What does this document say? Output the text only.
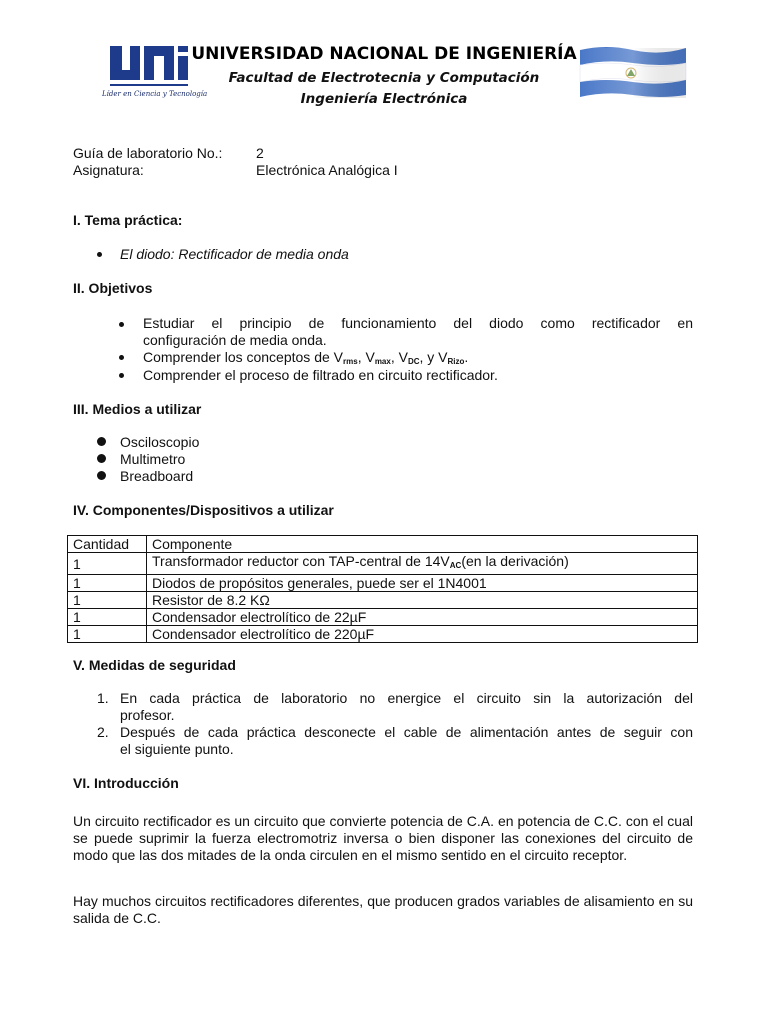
Líder en Ciencia y Tecnología
UNIVERSIDAD NACIONAL DE INGENIERÍA
Facultad de Electrotecnia y Computación
Ingeniería Electrónica
Guía de laboratorio No.: 2
Asignatura:	Electrónica Analógica I
I. Tema práctica:
El diodo: Rectificador de media onda
II. Objetivos
Estudiar el principio de funcionamiento del diodo como rectificador en
configuración de media onda.
Comprender los conceptos de $V_{rms}$, $V_{max}$, $V_{DC}$, y $V_{Rizo}$.
Comprender el proceso de filtrado en circuito rectificador.
III. Medios a utilizar
Osciloscopio
Multimetro
Breadboard
IV. Componentes/Dispositivos a utilizar
Cantidad	Componente
1	Transformador reductor con TAP-central de $14V_{AC}(en$ la derivación)
1	Diodos de propósitos generales, puede ser el 1N4001
1	Resistor de 8.2 KΩ
1	Condensador electrolítico de 22µF
1	Condensador electrolítico de 220µF
V. Medidas de seguridad
1. En cada práctica de laboratorio no energice el circuito sin la autorización del
profesor.
2. Después de cada práctica desconecte el cable de alimentación antes de seguir con
el siguiente punto.
VI. Introducción
Un circuito rectificador es un circuito que convierte potencia de C.A. en potencia de C.C. con el cual se puede suprimir la fuerza electromotriz inversa o bien disponer las conexiones del circuito de modo que las dos mitades de la onda circulen en el mismo sentido en el circuito receptor.
Hay muchos circuitos rectificadores diferentes, que producen grados variables de alisamiento en su salida de C.C.
